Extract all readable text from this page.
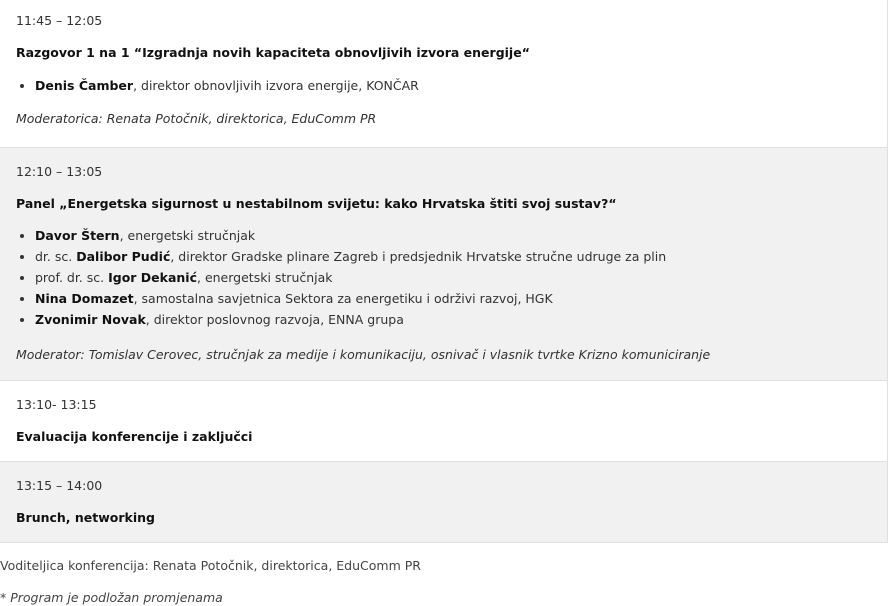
11:45 – 12:05

Razgovor 1 na 1 “Izgradnja novih kapaciteta obnovljivih izvora energije“

• Denis Čamber, direktor obnovljivih izvora energije, KONČAR

Moderatorica: Renata Potočnik, direktorica, EduComm PR

12:10 – 13:05

Panel „Energetska sigurnost u nestabilnom svijetu: kako Hrvatska štiti svoj sustav?“

• Davor Štern, energetski stručnjak
• dr. sc. Dalibor Pudić, direktor Gradske plinare Zagreb i predsjednik Hrvatske stručne udruge za plin
• prof. dr. sc. Igor Dekanić, energetski stručnjak
• Nina Domazet, samostalna savjetnica Sektora za energetiku i održivi razvoj, HGK
• Zvonimir Novak, direktor poslovnog razvoja, ENNA grupa

Moderator: Tomislav Cerovec, stručnjak za medije i komunikaciju, osnivač i vlasnik tvrtke Krizno komuniciranje

13:10- 13:15

Evaluacija konferencije i zaključci

13:15 – 14:00

Brunch, networking

Voditeljica konferencija: Renata Potočnik, direktorica, EduComm PR

* Program je podložan promjenama
